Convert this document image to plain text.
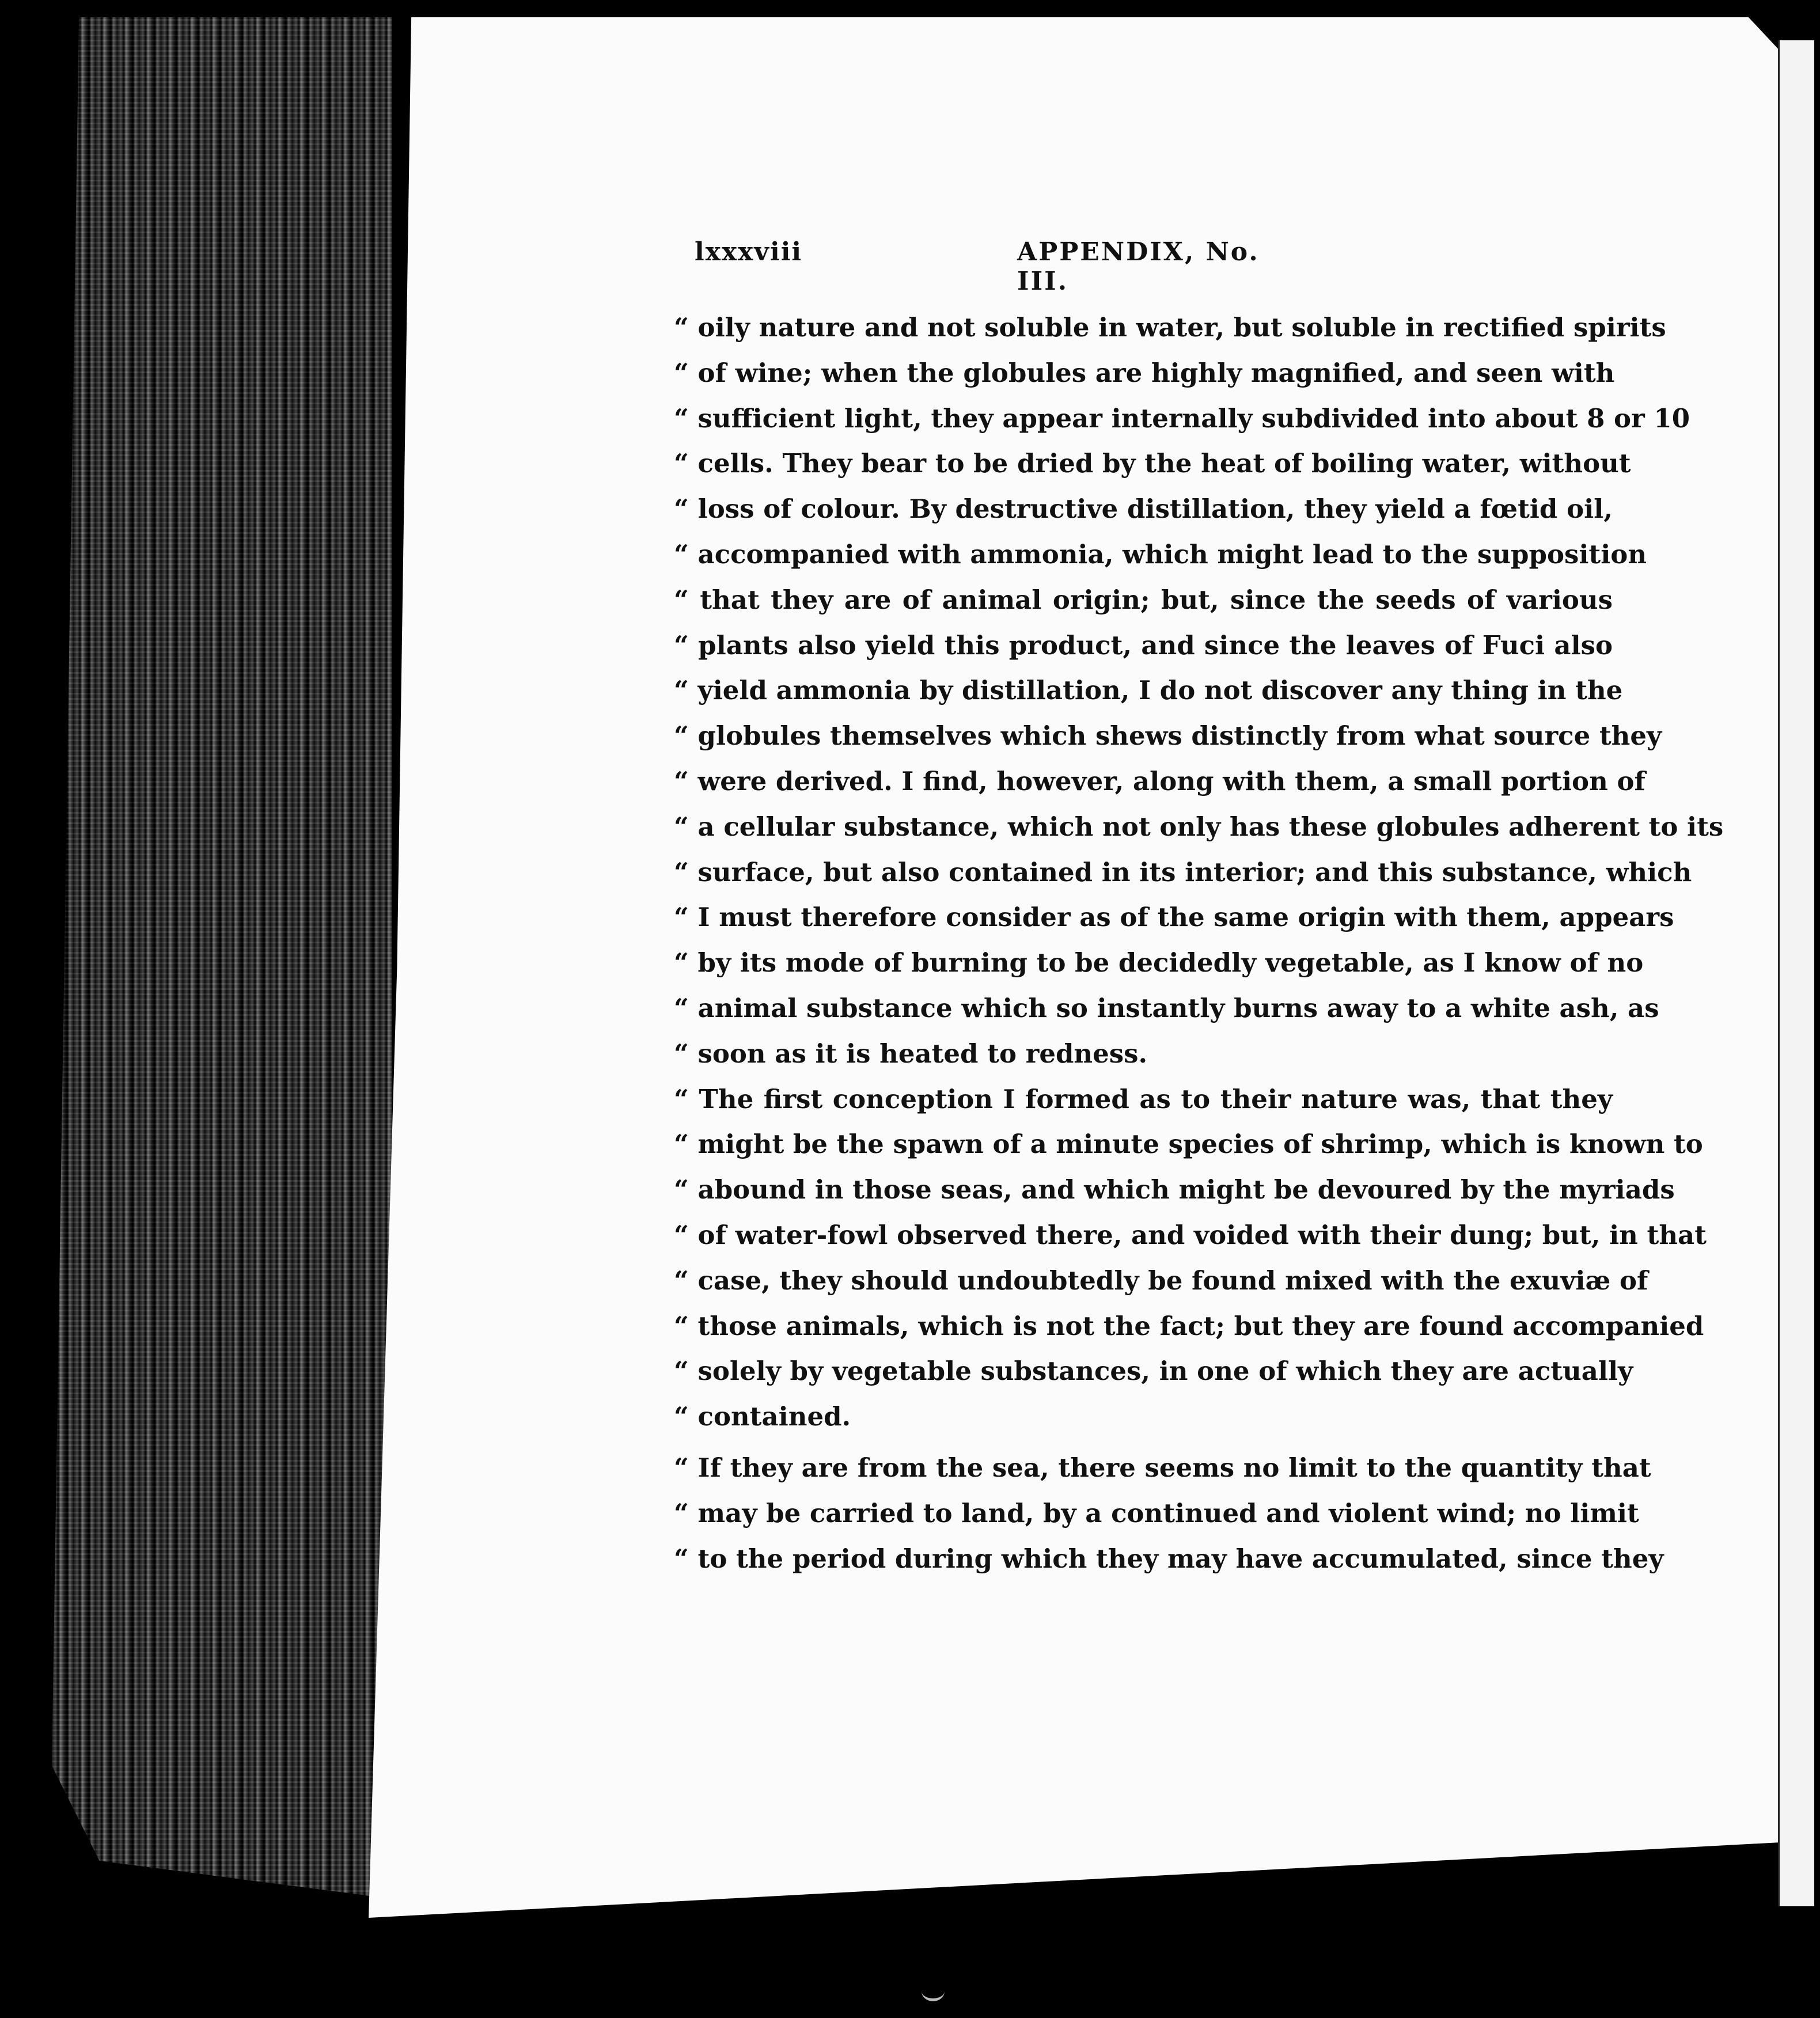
lxxxviii	APPENDIX, No. III.
“ oily nature and not soluble in water, but soluble in rectified spirits
“ of wine; when the globules are highly magnified, and seen with
“ sufficient light, they appear internally subdivided into about 8 or 10
“ cells. They bear to be dried by the heat of boiling water, without
“ loss of colour. By destructive distillation, they yield a fœtid oil,
“ accompanied with ammonia, which might lead to the supposition
“ that they are of animal origin; but, since the seeds of various
“ plants also yield this product, and since the leaves of Fuci also
“ yield ammonia by distillation, I do not discover any thing in the
“ globules themselves which shews distinctly from what source they
“ were derived. I find, however, along with them, a small portion of
“ a cellular substance, which not only has these globules adherent to its
“ surface, but also contained in its interior; and this substance, which
“ I must therefore consider as of the same origin with them, appears
“ by its mode of burning to be decidedly vegetable, as I know of no
“ animal substance which so instantly burns away to a white ash, as
“ soon as it is heated to redness.
“ The first conception I formed as to their nature was, that they
“ might be the spawn of a minute species of shrimp, which is known to
“ abound in those seas, and which might be devoured by the myriads
“ of water-fowl observed there, and voided with their dung; but, in that
“ case, they should undoubtedly be found mixed with the exuviæ of
“ those animals, which is not the fact; but they are found accompanied
“ solely by vegetable substances, in one of which they are actually
“ contained.
“ If they are from the sea, there seems no limit to the quantity that
“ may be carried to land, by a continued and violent wind; no limit
“ to the period during which they may have accumulated, since they
